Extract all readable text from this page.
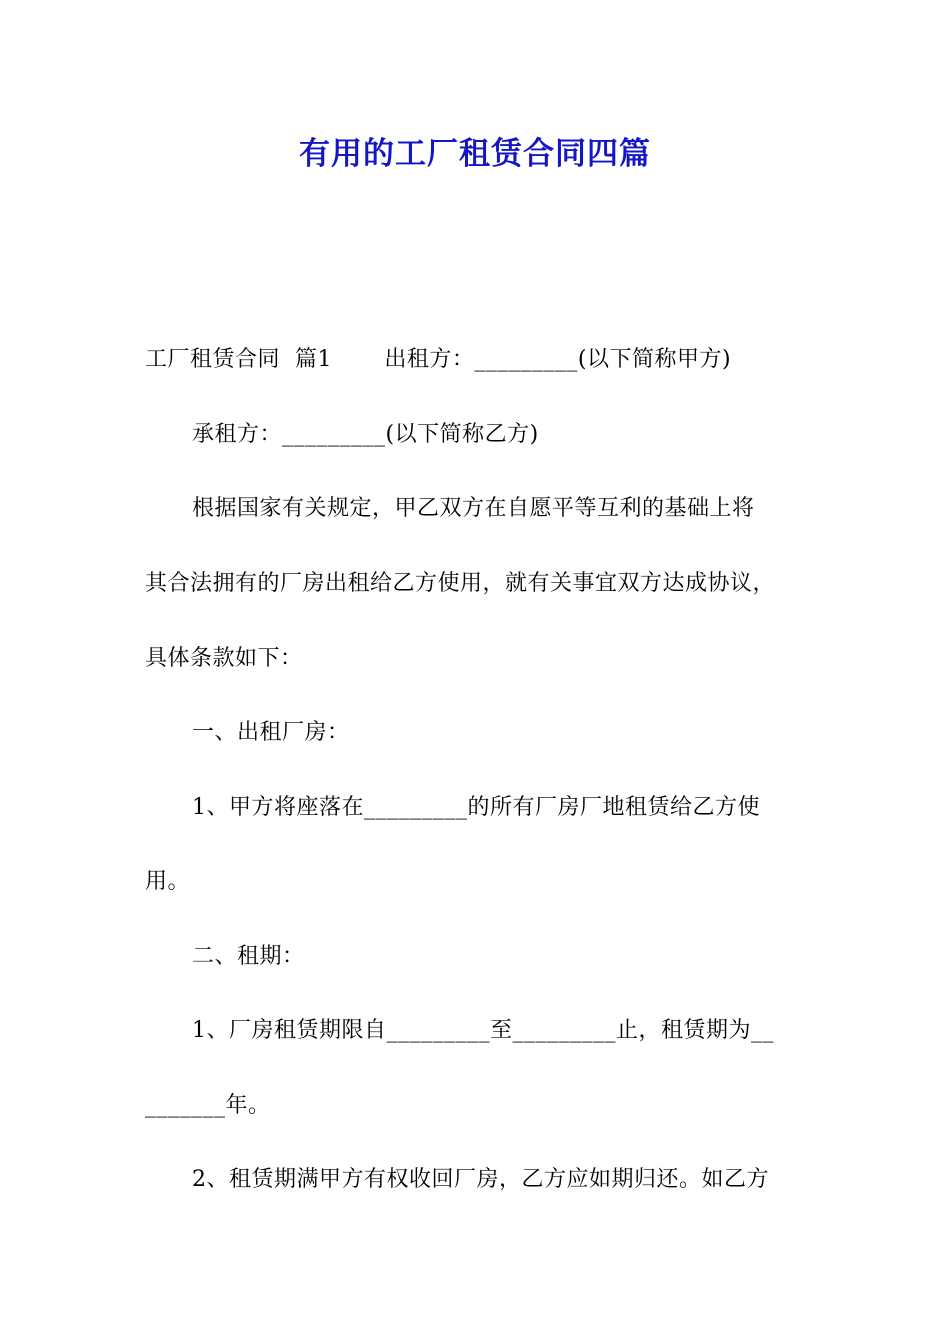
有用的工厂租赁合同四篇
工厂租赁合同  篇1       出租方：_________(以下简称甲方)
承租方：_________(以下简称乙方)
根据国家有关规定，甲乙双方在自愿平等互利的基础上将
其合法拥有的厂房出租给乙方使用，就有关事宜双方达成协议，
具体条款如下：
一、出租厂房：
1、甲方将座落在_________的所有厂房厂地租赁给乙方使
用。
二、租期：
1、厂房租赁期限自_________至_________止，租赁期为__
_______年。
2、租赁期满甲方有权收回厂房，乙方应如期归还。如乙方
